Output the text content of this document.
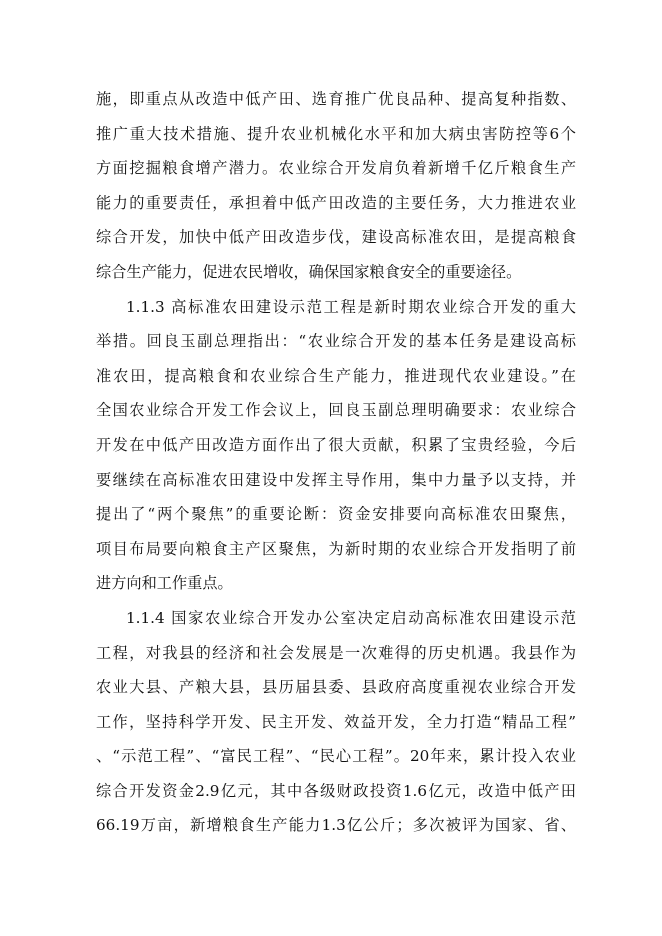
施，即重点从改造中低产田、选育推广优良品种、提高复种指数、
推广重大技术措施、提升农业机械化水平和加大病虫害防控等6个
方面挖掘粮食增产潜力。农业综合开发肩负着新增千亿斤粮食生产
能力的重要责任，承担着中低产田改造的主要任务，大力推进农业
综合开发，加快中低产田改造步伐，建设高标准农田，是提高粮食
综合生产能力，促进农民增收，确保国家粮食安全的重要途径。
1.1.3 高标准农田建设示范工程是新时期农业综合开发的重大
举措。回良玉副总理指出：“农业综合开发的基本任务是建设高标
准农田，提高粮食和农业综合生产能力，推进现代农业建设。”在
全国农业综合开发工作会议上，回良玉副总理明确要求：农业综合
开发在中低产田改造方面作出了很大贡献，积累了宝贵经验，今后
要继续在高标准农田建设中发挥主导作用，集中力量予以支持，并
提出了“两个聚焦”的重要论断：资金安排要向高标准农田聚焦，
项目布局要向粮食主产区聚焦，为新时期的农业综合开发指明了前
进方向和工作重点。
1.1.4 国家农业综合开发办公室决定启动高标准农田建设示范
工程，对我县的经济和社会发展是一次难得的历史机遇。我县作为
农业大县、产粮大县，县历届县委、县政府高度重视农业综合开发
工作，坚持科学开发、民主开发、效益开发，全力打造“精品工程”
、“示范工程”、“富民工程”、“民心工程”。20年来，累计投入农业
综合开发资金2.9亿元，其中各级财政投资1.6亿元，改造中低产田
66.19万亩，新增粮食生产能力1.3亿公斤；多次被评为国家、省、
